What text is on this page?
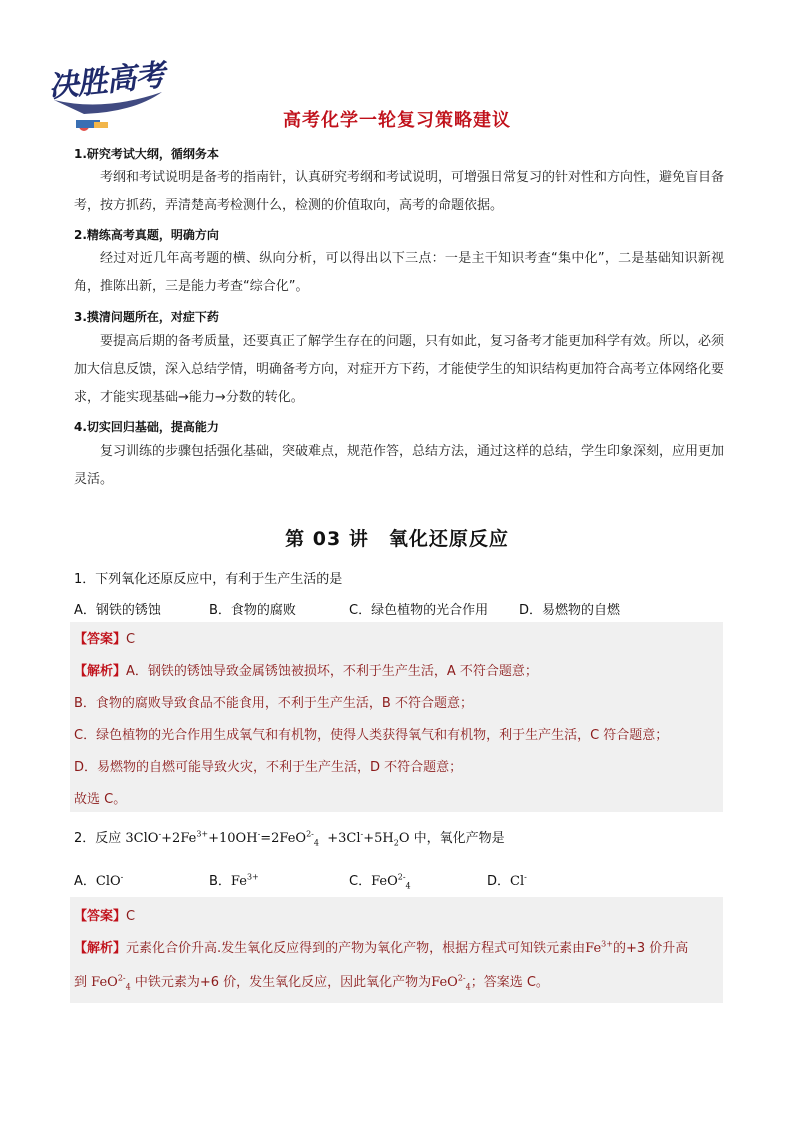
决胜高考
高考化学一轮复习策略建议
1.研究考试大纲，循纲务本
考纲和考试说明是备考的指南针，认真研究考纲和考试说明，可增强日常复习的针对性和方向性，避免盲目备考，按方抓药，弄清楚高考检测什么，检测的价值取向，高考的命题依据。
2.精练高考真题，明确方向
经过对近几年高考题的横、纵向分析，可以得出以下三点：一是主干知识考查“集中化”，二是基础知识新视角，推陈出新，三是能力考查“综合化”。
3.摸清问题所在，对症下药
要提高后期的备考质量，还要真正了解学生存在的问题，只有如此，复习备考才能更加科学有效。所以，必须加大信息反馈，深入总结学情，明确备考方向，对症开方下药，才能使学生的知识结构更加符合高考立体网络化要求，才能实现基础→能力→分数的转化。
4.切实回归基础，提高能力
复习训练的步骤包括强化基础，突破难点，规范作答，总结方法，通过这样的总结，学生印象深刻，应用更加灵活。
第 03 讲　氧化还原反应
1．下列氧化还原反应中，有利于生产生活的是
A．钢铁的锈蚀	B．食物的腐败	C．绿色植物的光合作用 D．易燃物的自燃
【答案】C
【解析】A．钢铁的锈蚀导致金属锈蚀被损坏，不利于生产生活，A 不符合题意；
B．食物的腐败导致食品不能食用，不利于生产生活，B 不符合题意；
C．绿色植物的光合作用生成氧气和有机物，使得人类获得氧气和有机物，利于生产生活，C 符合题意；
D．易燃物的自燃可能导致火灾，不利于生产生活，D 不符合题意；
故选 C。
2．反应 $3ClO^-+2Fe^{3+}+10OH^-=2FeO^{2-}_4 +3Cl^-+5H_2O$ 中，氧化产物是
A．ClO-	B．$Fe^{3+}$	C．FeO$^{2-}_4$	D．Cl-
【答案】C
【解析】元素化合价升高.发生氧化反应得到的产物为氧化产物，根据方程式可知铁元素由$Fe^{3+}$的+3 价升高
到 FeO$^{2-}_4$ 中铁元素为+6 价，发生氧化反应，因此氧化产物为FeO$^{2-}_4$；答案选 C。
